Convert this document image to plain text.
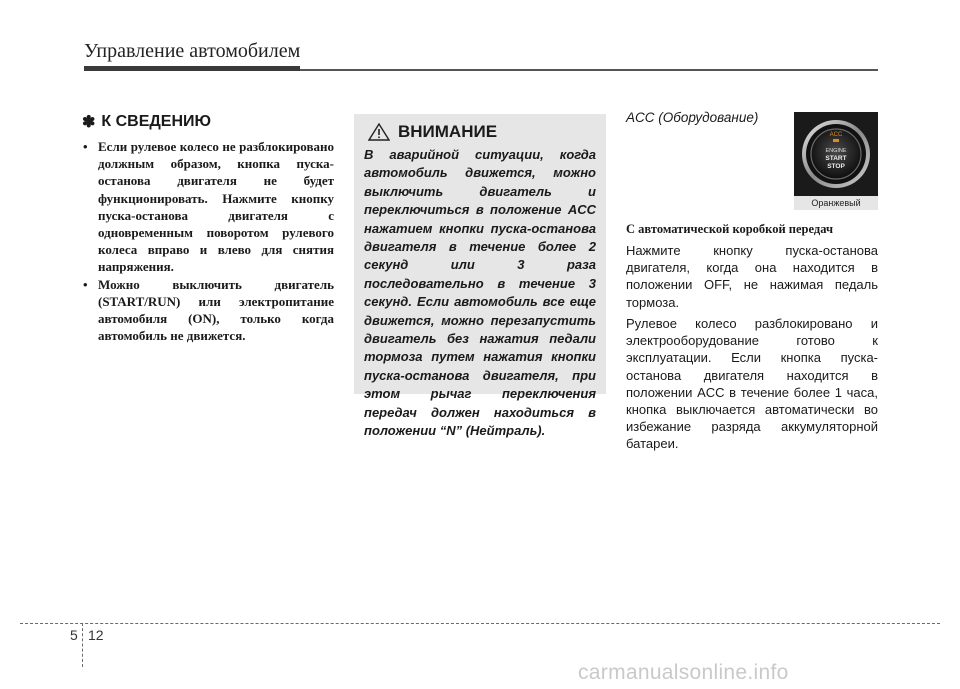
Управление автомобилем
✽ К СВЕДЕНИЮ
• Если рулевое колесо не разблокировано должным образом, кнопка пуска-останова двигателя не будет функционировать. Нажмите кнопку пуска-останова двигателя с одновременным поворотом рулевого колеса вправо и влево для снятия напряжения.
• Можно выключить двигатель (START/RUN) или электропитание автомобиля (ON), только когда автомобиль не движется.
ВНИМАНИЕ

В аварийной ситуации, когда автомобиль движется, можно выключить двигатель и переключиться в положение ACC нажатием кнопки пуска-останова двигателя в течение более 2 секунд или 3 раза последовательно в течение 3 секунд. Если автомобиль все еще движется, можно перезапустить двигатель без нажатия педали тормоза путем нажатия кнопки пуска-останова двигателя, при этом рычаг переключения передач должен находиться в положении “N” (Нейтраль).

ACC (Оборудование)

ACC
ENGINE
START
STOP
Оранжевый
С автоматической коробкой передач

Нажмите кнопку пуска-останова двигателя, когда она находится в положении OFF, не нажимая педаль тормоза.

Рулевое колесо разблокировано и электрооборудование готово к эксплуатации. Если кнопка пуска-останова двигателя находится в положении ACC в течение более 1 часа, кнопка выключается автоматически во избежание разряда аккумуляторной батареи.

5 12
carmanualsonline.info
